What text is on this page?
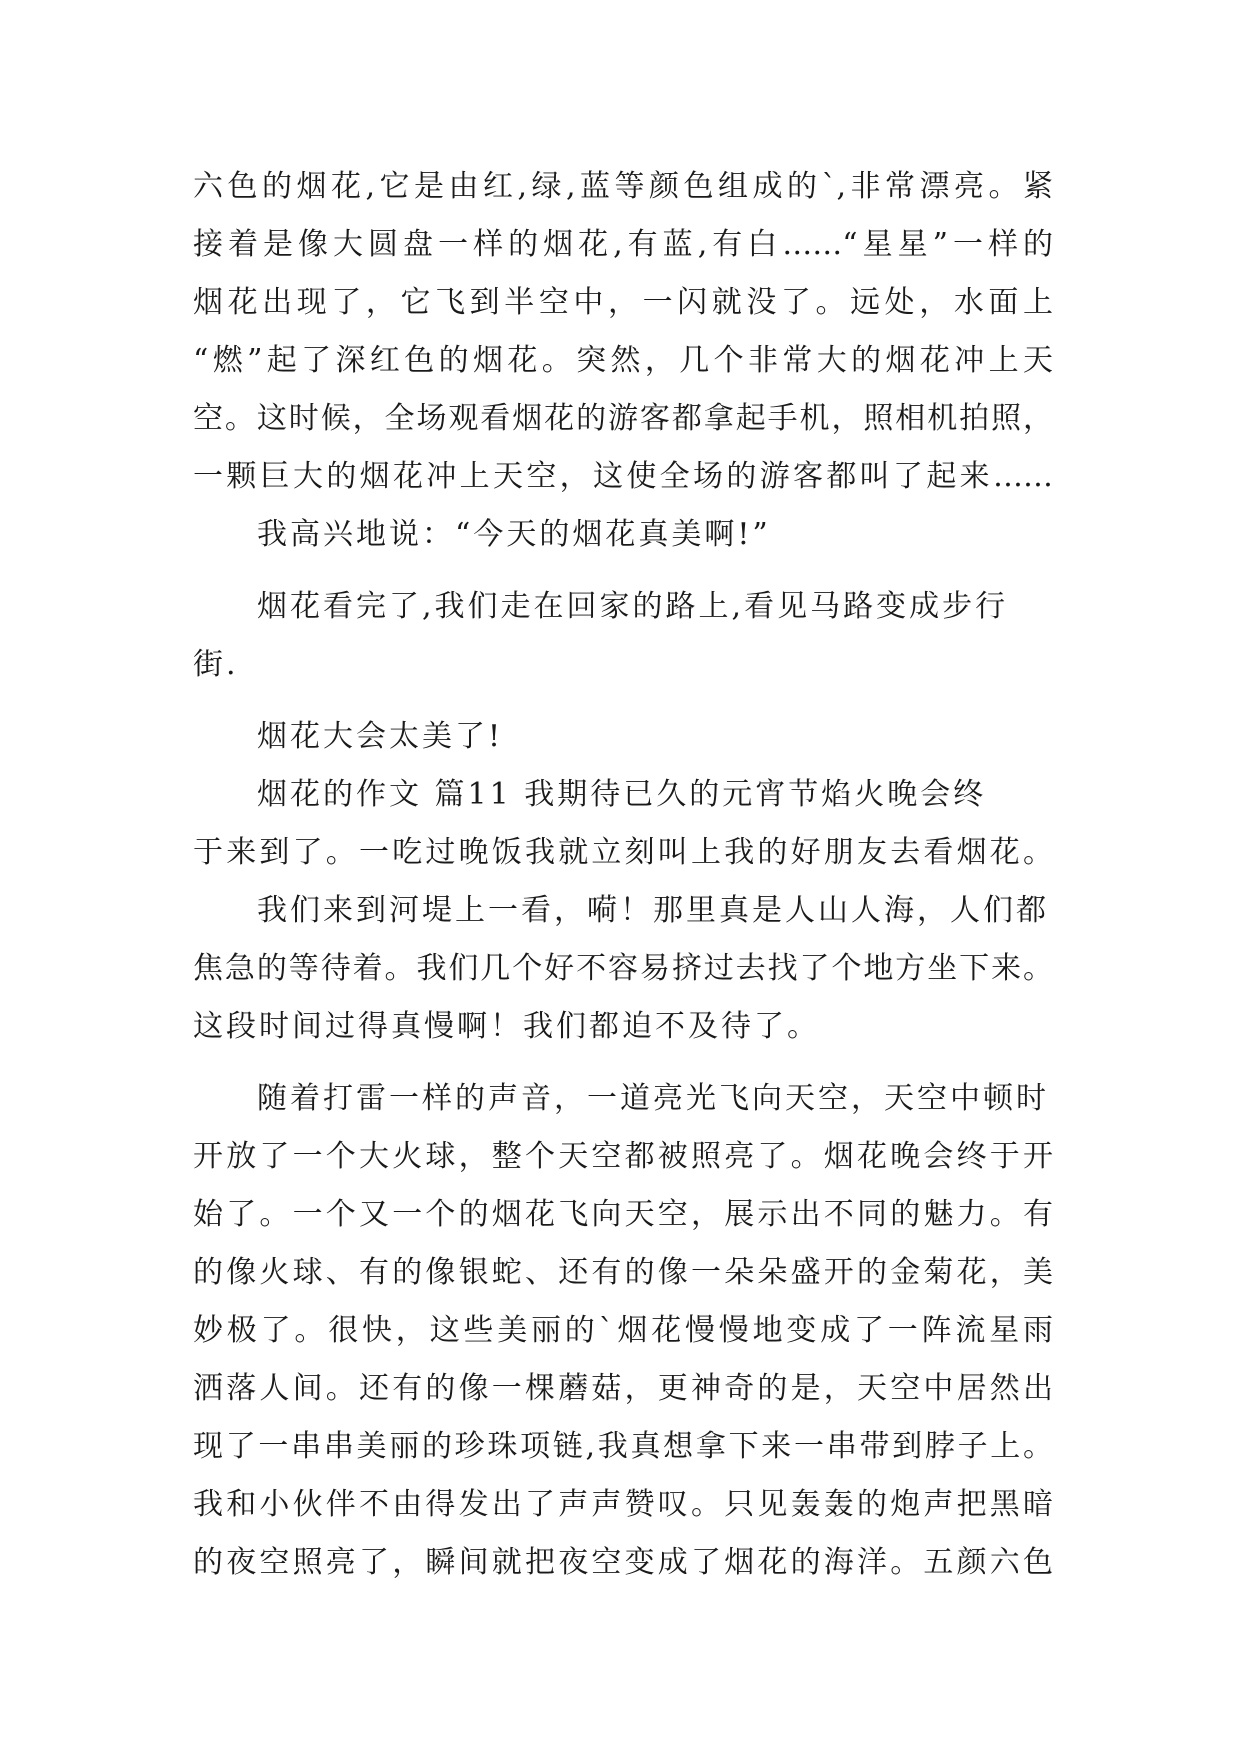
六色的烟花,它是由红,绿,蓝等颜色组成的`,非常漂亮。紧
接着是像大圆盘一样的烟花,有蓝,有白……“星星”一样的
烟花出现了，它飞到半空中，一闪就没了。远处，水面上
“燃”起了深红色的烟花。突然，几个非常大的烟花冲上天
空。这时候，全场观看烟花的游客都拿起手机，照相机拍照，
一颗巨大的烟花冲上天空，这使全场的游客都叫了起来……
我高兴地说：“今天的烟花真美啊!”
烟花看完了,我们走在回家的路上,看见马路变成步行
街.
烟花大会太美了!
烟花的作文 篇11 我期待已久的元宵节焰火晚会终
于来到了。一吃过晚饭我就立刻叫上我的好朋友去看烟花。
我们来到河堤上一看，嗬！那里真是人山人海，人们都
焦急的等待着。我们几个好不容易挤过去找了个地方坐下来。
这段时间过得真慢啊！我们都迫不及待了。
随着打雷一样的声音，一道亮光飞向天空，天空中顿时
开放了一个大火球，整个天空都被照亮了。烟花晚会终于开
始了。一个又一个的烟花飞向天空，展示出不同的魅力。有
的像火球、有的像银蛇、还有的像一朵朵盛开的金菊花，美
妙极了。很快，这些美丽的`烟花慢慢地变成了一阵流星雨
洒落人间。还有的像一棵蘑菇，更神奇的是，天空中居然出
现了一串串美丽的珍珠项链,我真想拿下来一串带到脖子上。
我和小伙伴不由得发出了声声赞叹。只见轰轰的炮声把黑暗
的夜空照亮了，瞬间就把夜空变成了烟花的海洋。五颜六色
